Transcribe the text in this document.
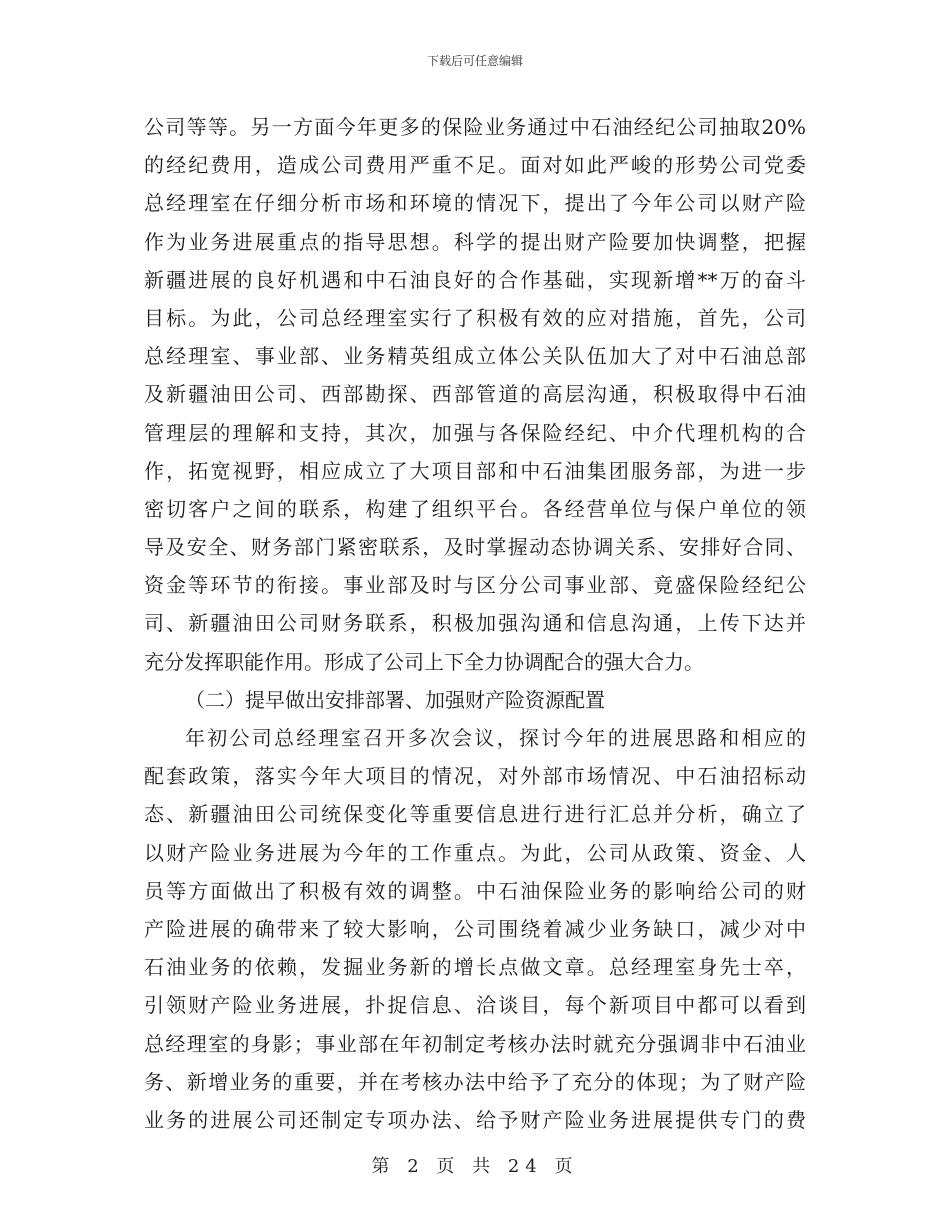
下载后可任意编辑
公司等等。另一方面今年更多的保险业务通过中石油经纪公司抽取20%
的经纪费用，造成公司费用严重不足。面对如此严峻的形势公司党委
总经理室在仔细分析市场和环境的情况下，提出了今年公司以财产险
作为业务进展重点的指导思想。科学的提出财产险要加快调整，把握
新疆进展的良好机遇和中石油良好的合作基础，实现新增**万的奋斗
目标。为此，公司总经理室实行了积极有效的应对措施，首先，公司
总经理室、事业部、业务精英组成立体公关队伍加大了对中石油总部
及新疆油田公司、西部勘探、西部管道的高层沟通，积极取得中石油
管理层的理解和支持，其次，加强与各保险经纪、中介代理机构的合
作，拓宽视野，相应成立了大项目部和中石油集团服务部，为进一步
密切客户之间的联系，构建了组织平台。各经营单位与保户单位的领
导及安全、财务部门紧密联系，及时掌握动态协调关系、安排好合同、
资金等环节的衔接。事业部及时与区分公司事业部、竟盛保险经纪公
司、新疆油田公司财务联系，积极加强沟通和信息沟通，上传下达并
充分发挥职能作用。形成了公司上下全力协调配合的强大合力。
（二）提早做出安排部署、加强财产险资源配置
年初公司总经理室召开多次会议，探讨今年的进展思路和相应的
配套政策，落实今年大项目的情况，对外部市场情况、中石油招标动
态、新疆油田公司统保变化等重要信息进行进行汇总并分析，确立了
以财产险业务进展为今年的工作重点。为此，公司从政策、资金、人
员等方面做出了积极有效的调整。中石油保险业务的影响给公司的财
产险进展的确带来了较大影响，公司围绕着减少业务缺口，减少对中
石油业务的依赖，发掘业务新的增长点做文章。总经理室身先士卒，
引领财产险业务进展，扑捉信息、洽谈目，每个新项目中都可以看到
总经理室的身影；事业部在年初制定考核办法时就充分强调非中石油业
务、新增业务的重要，并在考核办法中给予了充分的体现；为了财产险
业务的进展公司还制定专项办法、给予财产险业务进展提供专门的费
第 2 页 共 24 页
